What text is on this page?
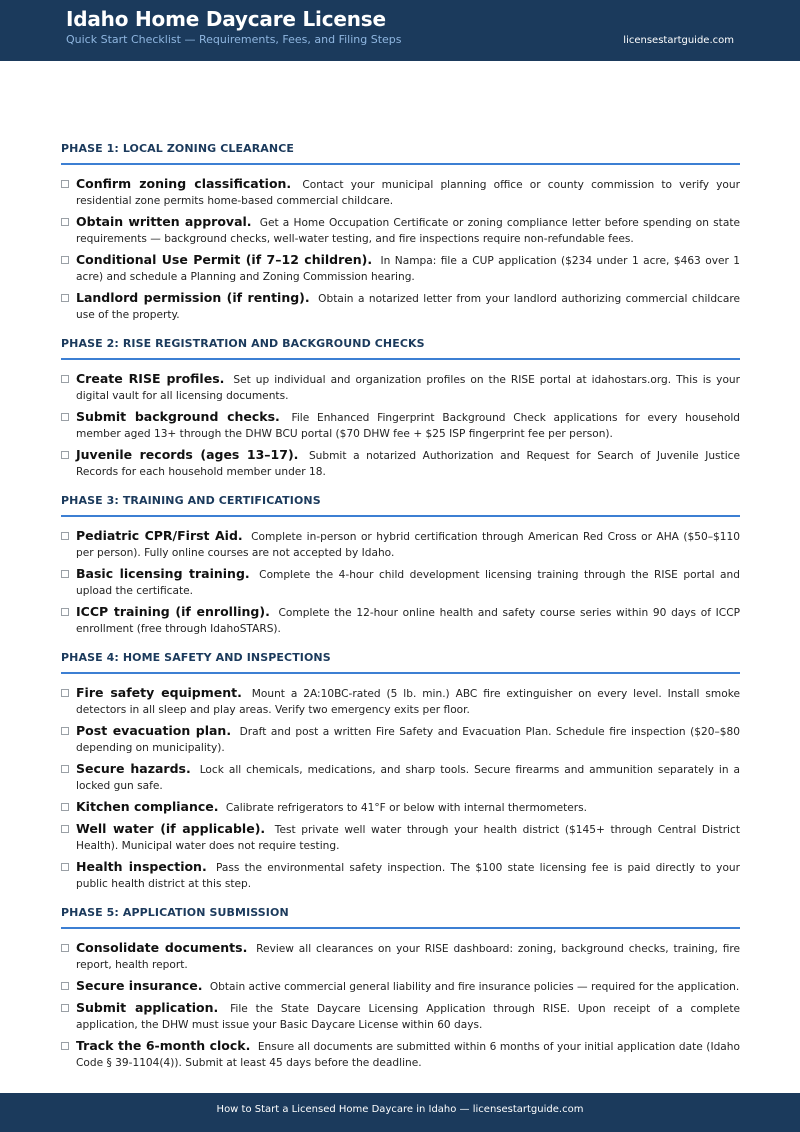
Idaho Home Daycare License
Quick Start Checklist — Requirements, Fees, and Filing Steps	licensestartguide.com
PHASE 1: LOCAL ZONING CLEARANCE
Confirm zoning classification. Contact your municipal planning office or county commission to verify your residential zone permits home-based commercial childcare.
Obtain written approval. Get a Home Occupation Certificate or zoning compliance letter before spending on state requirements — background checks, well-water testing, and fire inspections require non-refundable fees.
Conditional Use Permit (if 7–12 children). In Nampa: file a CUP application ($234 under 1 acre, $463 over 1 acre) and schedule a Planning and Zoning Commission hearing.
Landlord permission (if renting). Obtain a notarized letter from your landlord authorizing commercial childcare use of the property.
PHASE 2: RISE REGISTRATION AND BACKGROUND CHECKS
Create RISE profiles. Set up individual and organization profiles on the RISE portal at idahostars.org. This is your digital vault for all licensing documents.
Submit background checks. File Enhanced Fingerprint Background Check applications for every household member aged 13+ through the DHW BCU portal ($70 DHW fee + $25 ISP fingerprint fee per person).
Juvenile records (ages 13–17). Submit a notarized Authorization and Request for Search of Juvenile Justice Records for each household member under 18.
PHASE 3: TRAINING AND CERTIFICATIONS
Pediatric CPR/First Aid. Complete in-person or hybrid certification through American Red Cross or AHA ($50–$110 per person). Fully online courses are not accepted by Idaho.
Basic licensing training. Complete the 4-hour child development licensing training through the RISE portal and upload the certificate.
ICCP training (if enrolling). Complete the 12-hour online health and safety course series within 90 days of ICCP enrollment (free through IdahoSTARS).
PHASE 4: HOME SAFETY AND INSPECTIONS
Fire safety equipment. Mount a 2A:10BC-rated (5 lb. min.) ABC fire extinguisher on every level. Install smoke detectors in all sleep and play areas. Verify two emergency exits per floor.
Post evacuation plan. Draft and post a written Fire Safety and Evacuation Plan. Schedule fire inspection ($20–$80 depending on municipality).
Secure hazards. Lock all chemicals, medications, and sharp tools. Secure firearms and ammunition separately in a locked gun safe.
Kitchen compliance. Calibrate refrigerators to 41°F or below with internal thermometers.
Well water (if applicable). Test private well water through your health district ($145+ through Central District Health). Municipal water does not require testing.
Health inspection. Pass the environmental safety inspection. The $100 state licensing fee is paid directly to your public health district at this step.
PHASE 5: APPLICATION SUBMISSION
Consolidate documents. Review all clearances on your RISE dashboard: zoning, background checks, training, fire report, health report.
Secure insurance. Obtain active commercial general liability and fire insurance policies — required for the application.
Submit application. File the State Daycare Licensing Application through RISE. Upon receipt of a complete application, the DHW must issue your Basic Daycare License within 60 days.
Track the 6-month clock. Ensure all documents are submitted within 6 months of your initial application date (Idaho Code § 39-1104(4)). Submit at least 45 days before the deadline.
How to Start a Licensed Home Daycare in Idaho — licensestartguide.com
